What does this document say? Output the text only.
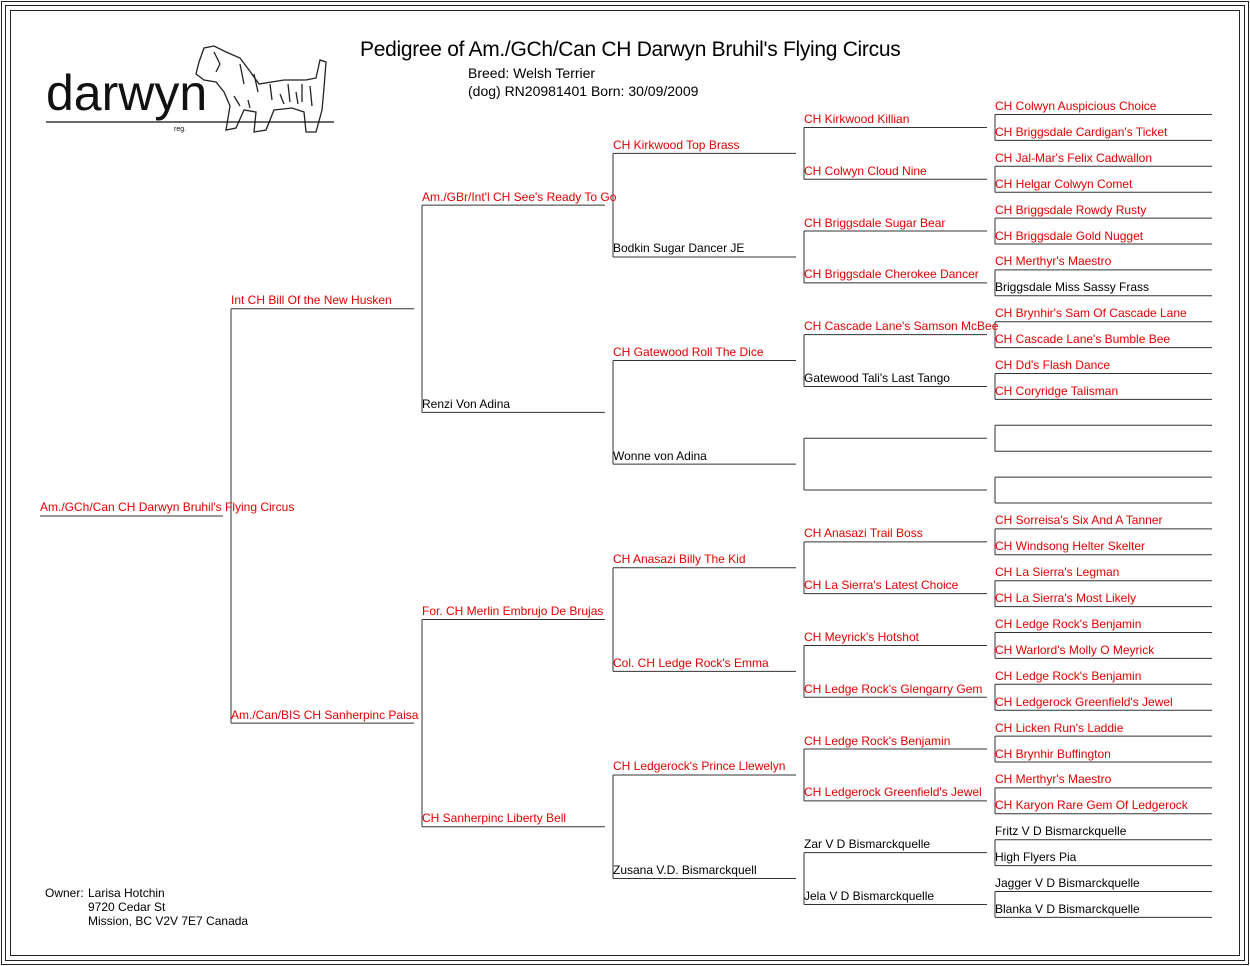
darwyn
reg.
Pedigree of Am./GCh/Can CH Darwyn Bruhil's Flying Circus
Breed: Welsh Terrier
(dog) RN20981401 Born: 30/09/2009
Am./GCh/Can CH Darwyn Bruhil's Flying Circus
Int CH Bill Of the New Husken
Am./Can/BIS CH Sanherpinc Paisa
Am./GBr/Int'l CH See's Ready To Go
Renzi Von Adina
For. CH Merlin Embrujo De Brujas
CH Sanherpinc Liberty Bell
CH Kirkwood Top Brass
Bodkin Sugar Dancer JE
CH Gatewood Roll The Dice
Wonne von Adina
CH Anasazi Billy The Kid
Col. CH Ledge Rock's Emma
CH Ledgerock's Prince Llewelyn
Zusana V.D. Bismarckquell
CH Kirkwood Killian
CH Colwyn Cloud Nine
CH Briggsdale Sugar Bear
CH Briggsdale Cherokee Dancer
CH Cascade Lane's Samson McBee
Gatewood Tali's Last Tango
CH Anasazi Trail Boss
CH La Sierra's Latest Choice
CH Meyrick's Hotshot
CH Ledge Rock's Glengarry Gem
CH Ledge Rock's Benjamin
CH Ledgerock Greenfield's Jewel
Zar V D Bismarckquelle
Jela V D Bismarckquelle
CH Colwyn Auspicious Choice
CH Briggsdale Cardigan's Ticket
CH Jal-Mar's Felix Cadwallon
CH Helgar Colwyn Comet
CH Briggsdale Rowdy Rusty
CH Briggsdale Gold Nugget
CH Merthyr's Maestro
Briggsdale Miss Sassy Frass
CH Brynhir's Sam Of Cascade Lane
CH Cascade Lane's Bumble Bee
CH Dd's Flash Dance
CH Coryridge Talisman
CH Sorreisa's Six And A Tanner
CH Windsong Helter Skelter
CH La Sierra's Legman
CH La Sierra's Most Likely
CH Ledge Rock's Benjamin
CH Warlord's Molly O Meyrick
CH Ledge Rock's Benjamin
CH Ledgerock Greenfield's Jewel
CH Licken Run's Laddie
CH Brynhir Buffington
CH Merthyr's Maestro
CH Karyon Rare Gem Of Ledgerock
Fritz V D Bismarckquelle
High Flyers Pia
Jagger V D Bismarckquelle
Blanka V D Bismarckquelle
Owner: Larisa Hotchin
9720 Cedar St
Mission, BC V2V 7E7 Canada
